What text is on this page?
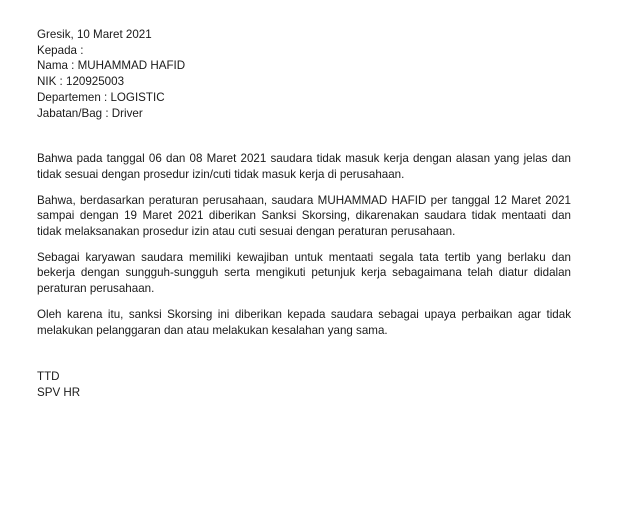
Gresik, 10 Maret 2021
Kepada :
Nama : MUHAMMAD HAFID
NIK : 120925003
Departemen : LOGISTIC
Jabatan/Bag : Driver

Bahwa pada tanggal 06 dan 08 Maret 2021 saudara tidak masuk kerja dengan alasan yang jelas dan tidak sesuai dengan prosedur izin/cuti tidak masuk kerja di perusahaan.

Bahwa, berdasarkan peraturan perusahaan, saudara MUHAMMAD HAFID per tanggal 12 Maret 2021 sampai dengan 19 Maret 2021 diberikan Sanksi Skorsing, dikarenakan saudara tidak mentaati dan tidak melaksanakan prosedur izin atau cuti sesuai dengan peraturan perusahaan.

Sebagai karyawan saudara memiliki kewajiban untuk mentaati segala tata tertib yang berlaku dan bekerja dengan sungguh-sungguh serta mengikuti petunjuk kerja sebagaimana telah diatur didalan peraturan perusahaan.

Oleh karena itu, sanksi Skorsing ini diberikan kepada saudara sebagai upaya perbaikan agar tidak melakukan pelanggaran dan atau melakukan kesalahan yang sama.

TTD
SPV HR
